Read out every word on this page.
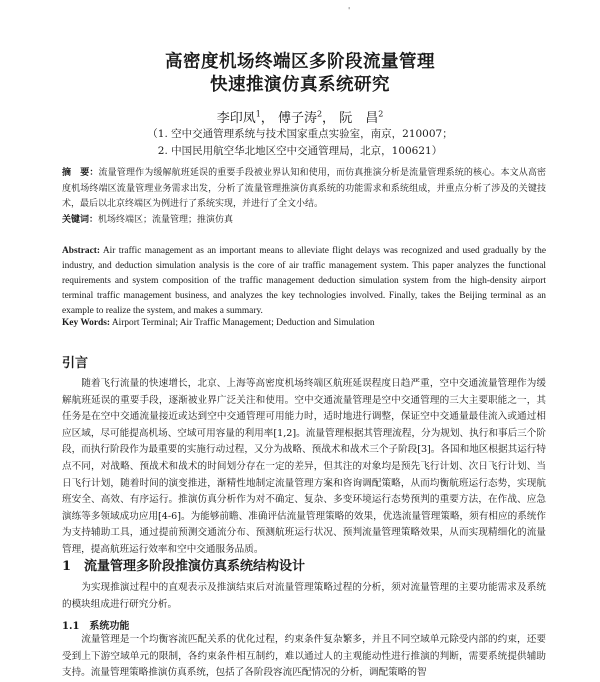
'
高密度机场终端区多阶段流量管理
快速推演仿真系统研究
李印凤$^1$， 傅子涛$^2$， 阮　昌$^2$
（1. 空中交通管理系统与技术国家重点实验室，南京，210007；
2. 中国民用航空华北地区空中交通管理局，北京，100621）
摘　要：流量管理作为缓解航班延误的重要手段被业界认知和使用，而仿真推演分析是流量管理系统的核心。本文从高密度机场终端区流量管理业务需求出发，分析了流量管理推演仿真系统的功能需求和系统组成，并重点分析了涉及的关键技术，最后以北京终端区为例进行了系统实现，并进行了全文小结。
关键词：机场终端区；流量管理；推演仿真
Abstract: Air traffic management as an important means to alleviate flight delays was recognized and used gradually by the industry, and deduction simulation analysis is the core of air traffic management system. This paper analyzes the functional requirements and system composition of the traffic management deduction simulation system from the high-density airport terminal traffic management business, and analyzes the key technologies involved. Finally, takes the Beijing terminal as an example to realize the system, and makes a summary.
Key Words: Airport Terminal; Air Traffic Management; Deduction and Simulation
引言
随着飞行流量的快速增长，北京、上海等高密度机场终端区航班延误程度日趋严重，空中交通流量管理作为缓解航班延误的重要手段，逐渐被业界广泛关注和使用。空中交通流量管理是空中交通管理的三大主要职能之一，其任务是在空中交通流量接近或达到空中交通管理可用能力时，适时地进行调整，保证空中交通量最佳流入或通过相应区域，尽可能提高机场、空域可用容量的利用率[1,2]。流量管理根据其管理流程，分为规划、执行和事后三个阶段，而执行阶段作为最重要的实施行动过程，又分为战略、预战术和战术三个子阶段[3]。各国和地区根据其运行特点不同，对战略、预战术和战术的时间划分存在一定的差异，但其注的对象均是预先飞行计划、次日飞行计划、当日飞行计划，随着时间的演变推进，渐精性地制定流量管理方案和咨询调配策略，从而均衡航班运行态势，实现航班安全、高效、有序运行。推演仿真分析作为对不确定、复杂、多变环境运行态势预判的重要方法，在作战、应急演练等多领域成功应用[4-6]。为能够前瞻、准确评估流量管理策略的效果，优选流量管理策略，须有相应的系统作为支持辅助工具，通过提前预测交通流分布、预测航班运行状况、预判流量管理策略效果，从而实现精细化的流量管理，提高航班运行效率和空中交通服务品质。
1　流量管理多阶段推演仿真系统结构设计
为实现推演过程中的直观表示及推演结束后对流量管理策略过程的分析，须对流量管理的主要功能需求及系统的模块组成进行研究分析。
1.1　系统功能
流量管理是一个均衡容流匹配关系的优化过程，约束条件复杂繁多，并且不同空域单元除受内部的约束，还要受到上下游空域单元的限制，各约束条件相互制约，难以通过人的主观能动性进行推演的判断，需要系统提供辅助支持。流量管理策略推演仿真系统，包括了各阶段容流匹配情况的分析，调配策略的智
